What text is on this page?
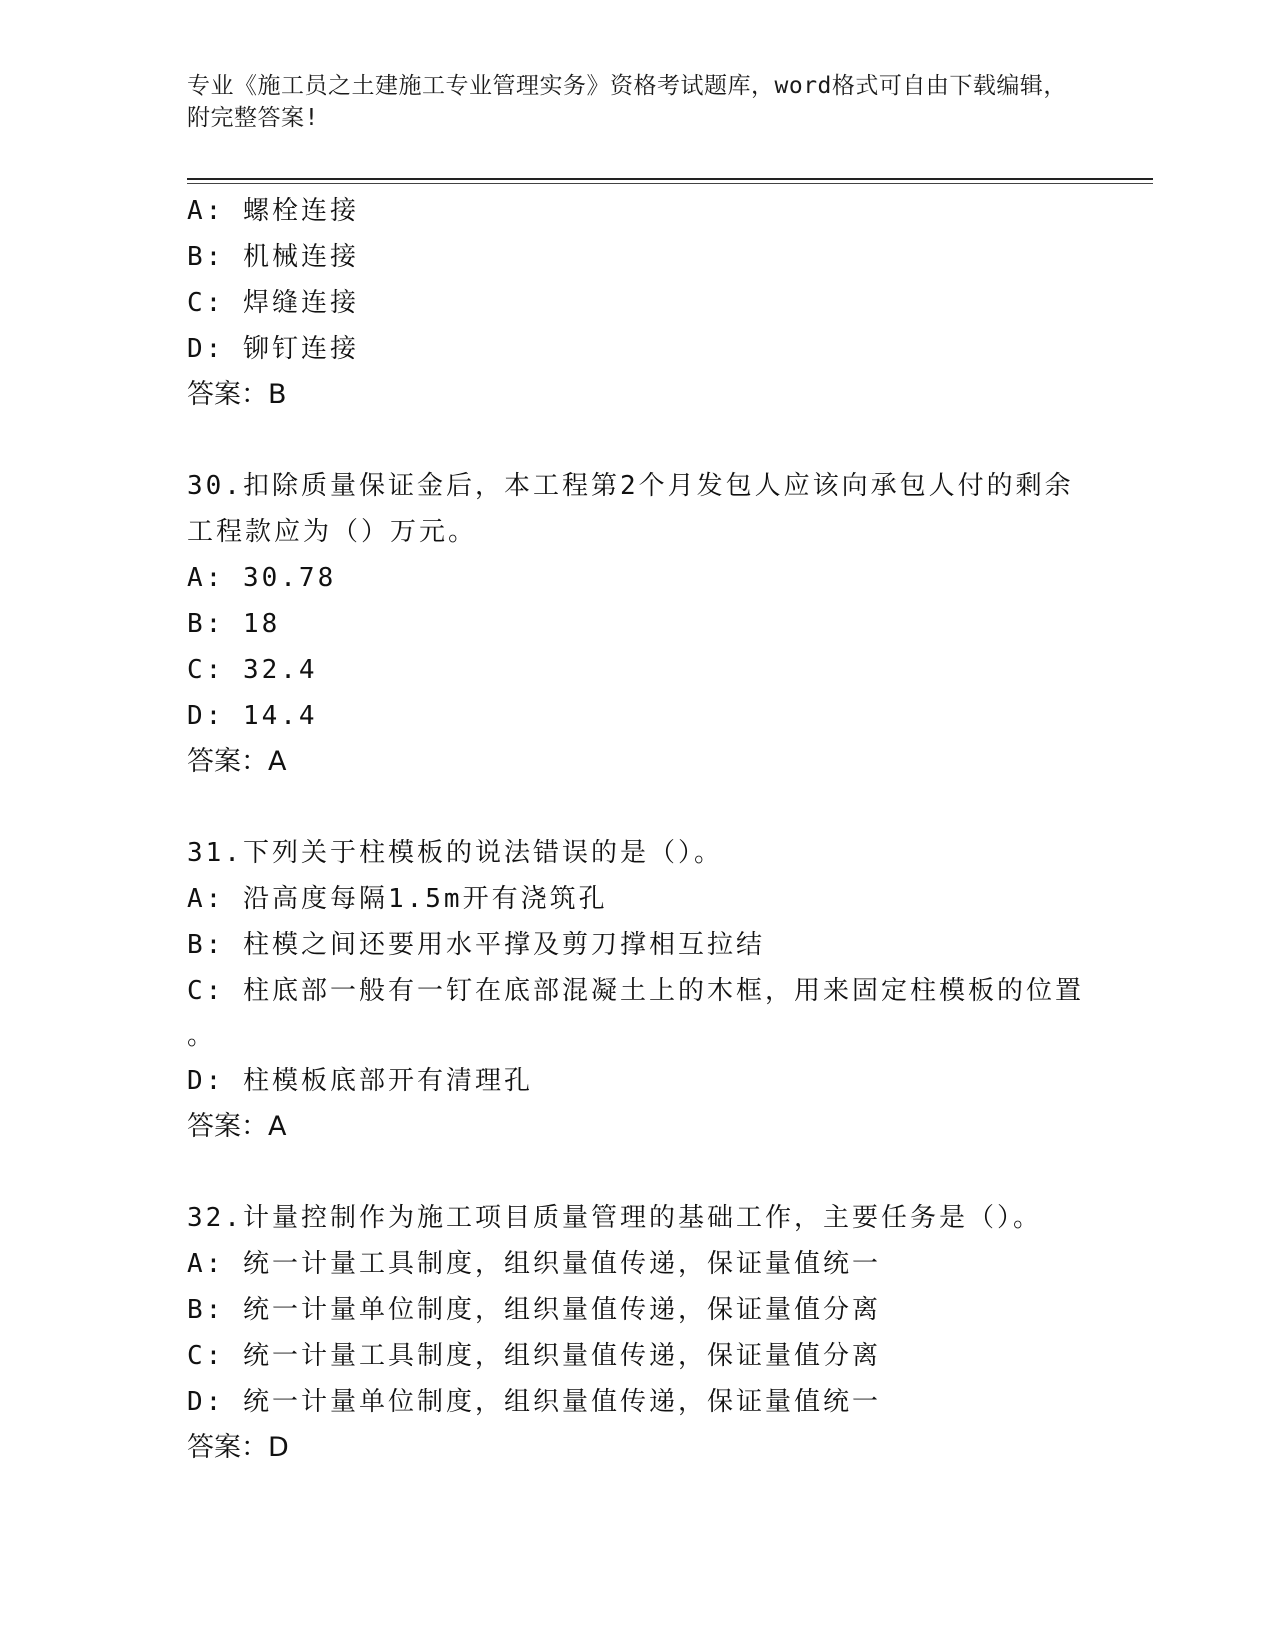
专业《施工员之土建施工专业管理实务》资格考试题库，word格式可自由下载编辑，附完整答案!
A: 螺栓连接
B: 机械连接
C: 焊缝连接
D: 铆钉连接
答案：B
30.扣除质量保证金后，本工程第2个月发包人应该向承包人付的剩余
工程款应为（）万元。
A: 30.78
B: 18
C: 32.4
D: 14.4
答案：A
31.下列关于柱模板的说法错误的是（）。
A: 沿高度每隔1.5m开有浇筑孔
B: 柱模之间还要用水平撑及剪刀撑相互拉结
C: 柱底部一般有一钉在底部混凝土上的木框，用来固定柱模板的位置
。
D: 柱模板底部开有清理孔
答案：A
32.计量控制作为施工项目质量管理的基础工作，主要任务是（）。
A: 统一计量工具制度，组织量值传递，保证量值统一
B: 统一计量单位制度，组织量值传递，保证量值分离
C: 统一计量工具制度，组织量值传递，保证量值分离
D: 统一计量单位制度，组织量值传递，保证量值统一
答案：D
